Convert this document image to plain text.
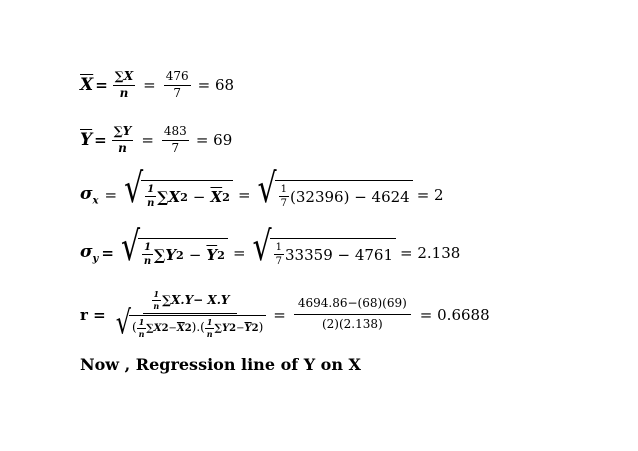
$\overline{X} = \frac{\sum X}{n} = \frac{476}{7} = 68$
$\overline{Y} = \frac{\sum Y}{n} = \frac{483}{7} = 69$
$\sigma_x$ = √ $\frac{1}{n} \sum X$ $2 - \overline{X}$ 2 = √ $\frac{1}{7} (32396) - 4624 = 2$
$\sigma_y$ = √ $\frac{1}{n} \sum Y$ $2 - \overline{Y}$ 2 = √ $\frac{1}{7} 33359 - 4761 = 2.138$
r =
$\frac{1}{n} \sum X.Y- X.Y$
√ ( $\frac{1}{n} \sum X$ $2 - \overline{X}$ 2 ) . ( $\frac{1}{n} \sum Y$ $2 - \overline{Y}$ 2 )
= $\frac{4694.86-(68)(69)}{(2)(2.138)} = 0.6688$
Now , Regression line of Y on X
